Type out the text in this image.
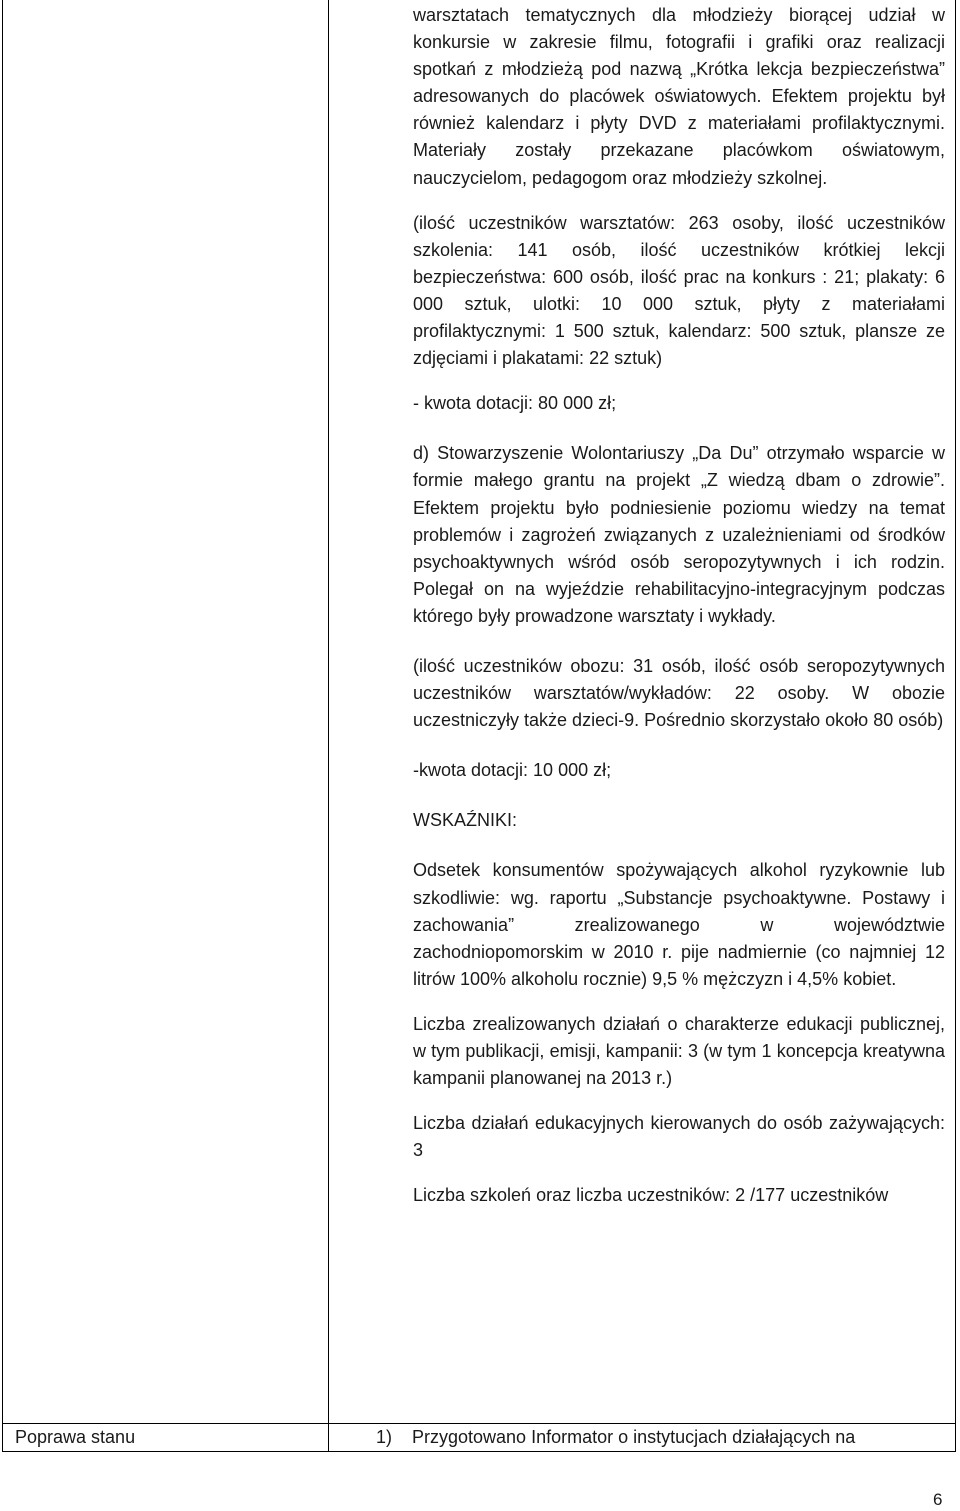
warsztatach tematycznych dla młodzieży biorącej udział w konkursie w zakresie filmu, fotografii i grafiki oraz realizacji spotkań z młodzieżą pod nazwą „Krótka lekcja bezpieczeństwa” adresowanych do placówek oświatowych. Efektem projektu był również kalendarz i płyty DVD z materiałami profilaktycznymi. Materiały zostały przekazane placówkom oświatowym, nauczycielom, pedagogom oraz młodzieży szkolnej.

(ilość uczestników warsztatów: 263 osoby, ilość uczestników szkolenia: 141 osób, ilość uczestników krótkiej lekcji bezpieczeństwa: 600 osób, ilość prac na konkurs : 21; plakaty: 6 000 sztuk, ulotki: 10 000 sztuk, płyty z materiałami profilaktycznymi: 1 500 sztuk, kalendarz: 500 sztuk, plansze ze zdjęciami i plakatami: 22 sztuk)

- kwota dotacji: 80 000 zł;

d) Stowarzyszenie Wolontariuszy „Da Du” otrzymało wsparcie w formie małego grantu na projekt „Z wiedzą dbam o zdrowie”. Efektem projektu było podniesienie poziomu wiedzy na temat problemów i zagrożeń związanych z uzależnieniami od środków psychoaktywnych wśród osób seropozytywnych i ich rodzin. Polegał on na wyjeździe rehabilitacyjno-integracyjnym podczas którego były prowadzone warsztaty i wykłady.

(ilość uczestników obozu: 31 osób, ilość osób seropozytywnych uczestników warsztatów/wykładów: 22 osoby. W obozie uczestniczyły także dzieci-9. Pośrednio skorzystało około 80 osób)

-kwota dotacji: 10 000 zł;

WSKAŹNIKI:

Odsetek konsumentów spożywających alkohol ryzykownie lub szkodliwie: wg. raportu „Substancje psychoaktywne. Postawy i zachowania” zrealizowanego w województwie zachodniopomorskim w 2010 r. pije nadmiernie (co najmniej 12 litrów 100% alkoholu rocznie) 9,5 % mężczyzn i 4,5% kobiet.

Liczba zrealizowanych działań o charakterze edukacji publicznej, w tym publikacji, emisji, kampanii: 3 (w tym 1 koncepcja kreatywna kampanii planowanej na 2013 r.)

Liczba działań edukacyjnych kierowanych do osób zażywających: 3

Liczba szkoleń oraz liczba uczestników: 2 /177 uczestników

Poprawa stanu	1) Przygotowano Informator o instytucjach działających na
6
